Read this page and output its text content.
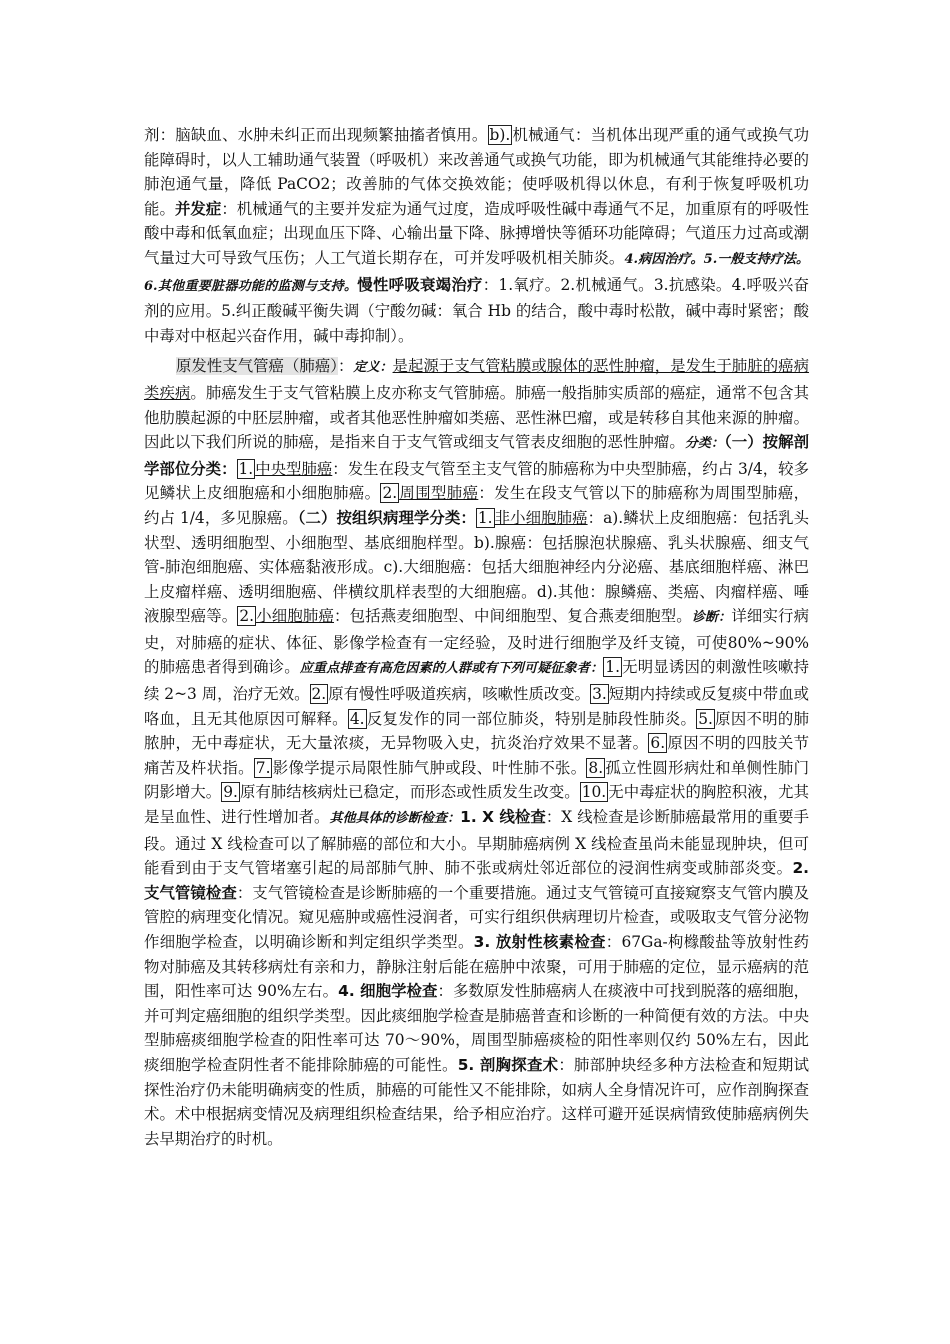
剂：脑缺血、水肿未纠正而出现频繁抽搐者慎用。 b). 机械通气：当机体出现严重的通气或换气功能障碍时，以人工辅助通气装置（呼吸机）来改善通气或换气功能，即为机械通气其能维持必要的肺泡通气量，降低 PaCO2；改善肺的气体交换效能；使呼吸机得以休息，有利于恢复呼吸机功能。并发症：机械通气的主要并发症为通气过度，造成呼吸性碱中毒通气不足，加重原有的呼吸性酸中毒和低氧血症；出现血压下降、心输出量下降、脉搏增快等循环功能障碍；气道压力过高或潮气量过大可导致气压伤；人工气道长期存在，可并发呼吸机相关肺炎。4.病因治疗。5.一般支持疗法。6.其他重要脏器功能的监测与支持。慢性呼吸衰竭治疗：1.氧疗。2.机械通气。3.抗感染。4.呼吸兴奋剂的应用。5.纠正酸碱平衡失调（宁酸勿碱：氧合 Hb 的结合，酸中毒时松散，碱中毒时紧密；酸中毒对中枢起兴奋作用，碱中毒抑制）。

原发性支气管癌（肺癌）：定义：是起源于支气管粘膜或腺体的恶性肿瘤，是发生于肺脏的癌病类疾病。肺癌发生于支气管粘膜上皮亦称支气管肺癌。肺癌一般指肺实质部的癌症，通常不包含其他肋膜起源的中胚层肿瘤，或者其他恶性肿瘤如类癌、恶性淋巴瘤，或是转移自其他来源的肿瘤。因此以下我们所说的肺癌，是指来自于支气管或细支气管表皮细胞的恶性肿瘤。分类：（一）按解剖学部位分类： 1. 中央型肺癌：发生在段支气管至主支气管的肺癌称为中央型肺癌，约占 3/4，较多见鳞状上皮细胞癌和小细胞肺癌。 2. 周围型肺癌：发生在段支气管以下的肺癌称为周围型肺癌，约占 1/4，多见腺癌。（二）按组织病理学分类： 1. 非小细胞肺癌：a).鳞状上皮细胞癌：包括乳头状型、透明细胞型、小细胞型、基底细胞样型。b).腺癌：包括腺泡状腺癌、乳头状腺癌、细支气管-肺泡细胞癌、实体癌黏液形成。c).大细胞癌：包括大细胞神经内分泌癌、基底细胞样癌、淋巴上皮瘤样癌、透明细胞癌、伴横纹肌样表型的大细胞癌。d).其他：腺鳞癌、类癌、肉瘤样癌、唾液腺型癌等。 2. 小细胞肺癌：包括燕麦细胞型、中间细胞型、复合燕麦细胞型。诊断：详细实行病史，对肺癌的症状、体征、影像学检查有一定经验，及时进行细胞学及纤支镜，可使80%~90%的肺癌患者得到确诊。应重点排查有高危因素的人群或有下列可疑征象者： 1. 无明显诱因的刺激性咳嗽持续 2~3 周，治疗无效。 2. 原有慢性呼吸道疾病，咳嗽性质改变。 3. 短期内持续或反复痰中带血或咯血，且无其他原因可解释。 4. 反复发作的同一部位肺炎，特别是肺段性肺炎。 5. 原因不明的肺脓肿，无中毒症状，无大量浓痰，无异物吸入史，抗炎治疗效果不显著。 6. 原因不明的四肢关节痛苦及杵状指。 7. 影像学提示局限性肺气肿或段、叶性肺不张。 8. 孤立性圆形病灶和单侧性肺门阴影增大。 9. 原有肺结核病灶已稳定，而形态或性质发生改变。 10. 无中毒症状的胸腔积液，尤其是呈血性、进行性增加者。其他具体的诊断检查：1. X 线检查：X 线检查是诊断肺癌最常用的重要手段。通过 X 线检查可以了解肺癌的部位和大小。早期肺癌病例 X 线检查虽尚未能显现肿块，但可能看到由于支气管堵塞引起的局部肺气肿、肺不张或病灶邻近部位的浸润性病变或肺部炎变。2. 支气管镜检查：支气管镜检查是诊断肺癌的一个重要措施。通过支气管镜可直接窥察支气管内膜及管腔的病理变化情况。窥见癌肿或癌性浸润者，可实行组织供病理切片检查，或吸取支气管分泌物作细胞学检查，以明确诊断和判定组织学类型。3. 放射性核素检查：67Ga-枸橼酸盐等放射性药物对肺癌及其转移病灶有亲和力，静脉注射后能在癌肿中浓聚，可用于肺癌的定位，显示癌病的范围，阳性率可达 90%左右。4. 细胞学检查：多数原发性肺癌病人在痰液中可找到脱落的癌细胞，并可判定癌细胞的组织学类型。因此痰细胞学检查是肺癌普查和诊断的一种简便有效的方法。中央型肺癌痰细胞学检查的阳性率可达 70～90%，周围型肺癌痰检的阳性率则仅约 50%左右，因此痰细胞学检查阴性者不能排除肺癌的可能性。5. 剖胸探查术：肺部肿块经多种方法检查和短期试探性治疗仍未能明确病变的性质，肺癌的可能性又不能排除，如病人全身情况许可，应作剖胸探查术。术中根据病变情况及病理组织检查结果，给予相应治疗。这样可避开延误病情致使肺癌病例失去早期治疗的时机。
